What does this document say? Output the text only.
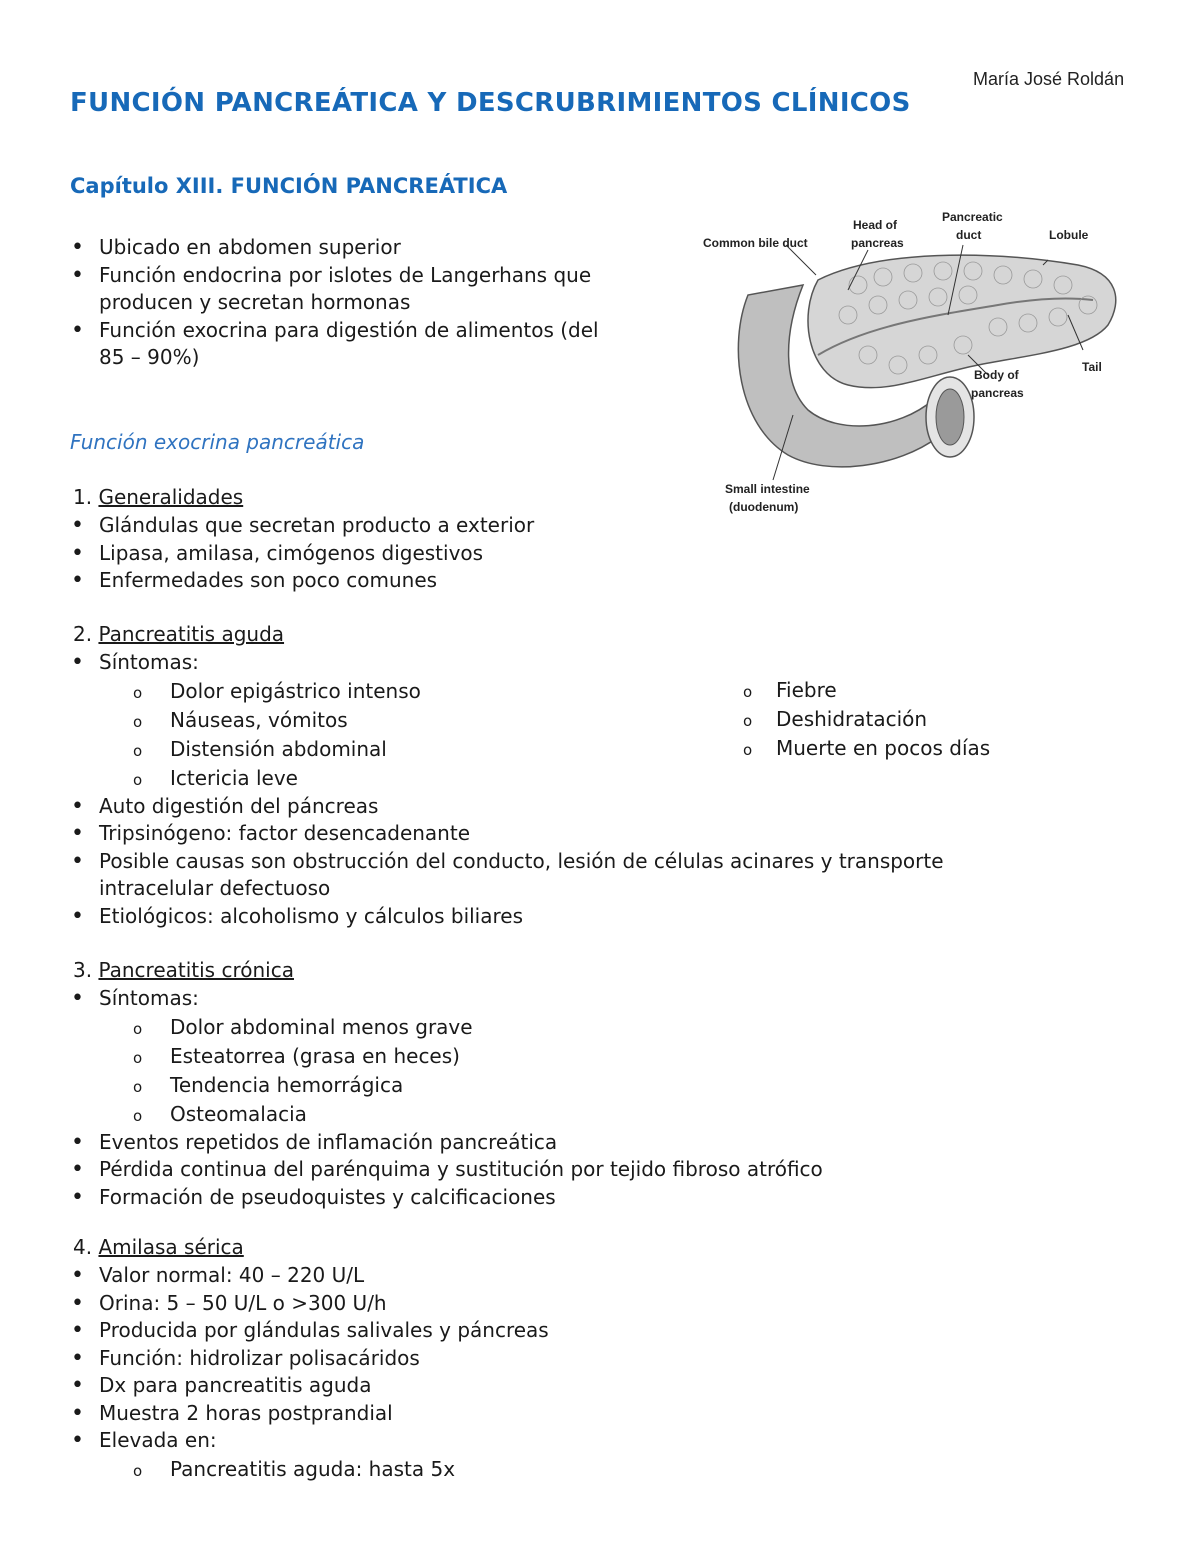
María José Roldán
FUNCIÓN PANCREÁTICA Y DESCRUBRIMIENTOS CLÍNICOS
Capítulo XIII. FUNCIÓN PANCREÁTICA
• Ubicado en abdomen superior
• Función endocrina por islotes de Langerhans que
producen y secretan hormonas
• Función exocrina para digestión de alimentos (del
85 – 90%)
Common bile duct
Head of
pancreas
Pancreatic
duct	Lobule
Tail
Body of
pancreas
Small intestine
(duodenum)
Función exocrina pancreática
1. Generalidades
• Glándulas que secretan producto a exterior
• Lipasa, amilasa, cimógenos digestivos
• Enfermedades son poco comunes
2. Pancreatitis aguda
• Síntomas:
o Dolor epigástrico intenso
o Náuseas, vómitos
o Distensión abdominal
o Ictericia leve
• Auto digestión del páncreas
• Tripsinógeno: factor desencadenante
• Posible causas son obstrucción del conducto, lesión de células acinares y transporte
intracelular defectuoso
• Etiológicos: alcoholismo y cálculos biliares
o Fiebre
o Deshidratación
o Muerte en pocos días
3. Pancreatitis crónica
• Síntomas:
o Dolor abdominal menos grave
o Esteatorrea (grasa en heces)
o Tendencia hemorrágica
o Osteomalacia
• Eventos repetidos de inflamación pancreática
• Pérdida continua del parénquima y sustitución por tejido fibroso atrófico
• Formación de pseudoquistes y calcificaciones
4. Amilasa sérica
• Valor normal: 40 – 220 U/L
• Orina: 5 – 50 U/L o >300 U/h
• Producida por glándulas salivales y páncreas
• Función: hidrolizar polisacáridos
• Dx para pancreatitis aguda
• Muestra 2 horas postprandial
• Elevada en:
o Pancreatitis aguda: hasta 5x
